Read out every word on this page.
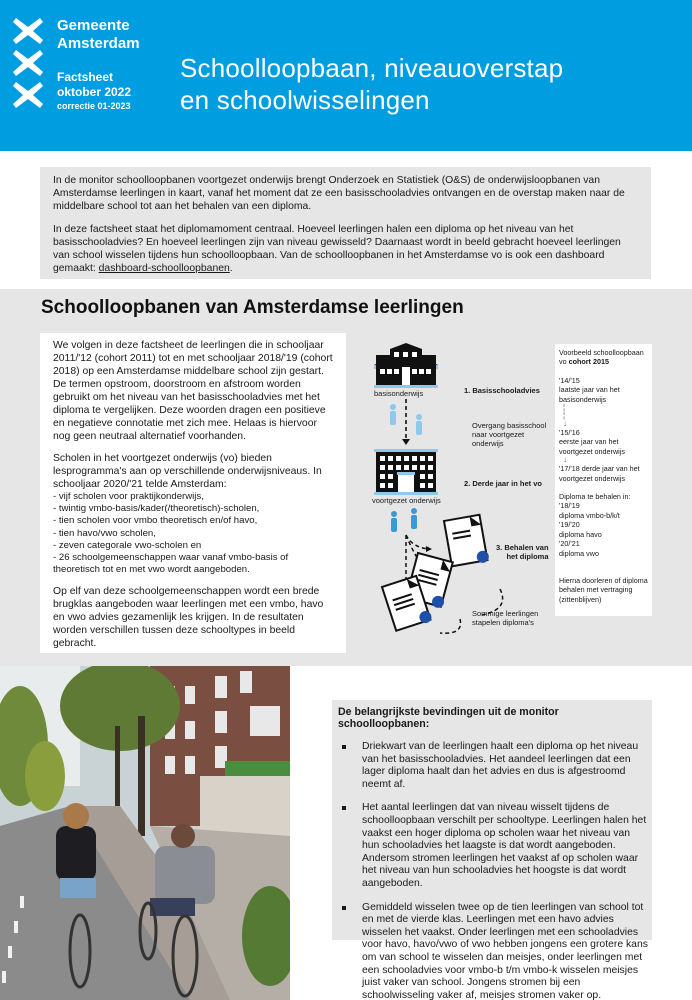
Gemeente
Amsterdam
Factsheet
oktober 2022
correctie 01-2023
Schoolloopbaan, niveauoverstap
en schoolwisselingen

In de monitor schoolloopbanen voortgezet onderwijs brengt Onderzoek en Statistiek (O&S) de onderwijsloopbanen van Amsterdamse leerlingen in kaart, vanaf het moment dat ze een basisschooladvies ontvangen en de overstap maken naar de middelbare school tot aan het behalen van een diploma.

In deze factsheet staat het diplomamoment centraal. Hoeveel leerlingen halen een diploma op het niveau van het basisschooladvies? En hoeveel leerlingen zijn van niveau gewisseld? Daarnaast wordt in beeld gebracht hoeveel leerlingen van school wisselen tijdens hun schoolloopbaan. Van de schoolloopbanen in het Amsterdamse vo is ook een dashboard gemaakt: dashboard-schoolloopbanen.

Schoolloopbanen van Amsterdamse leerlingen

We volgen in deze factsheet de leerlingen die in schooljaar 2011/'12 (cohort 2011) tot en met schooljaar 2018/'19 (cohort 2018) op een Amsterdamse middelbare school zijn gestart. De termen opstroom, doorstroom en afstroom worden gebruikt om het niveau van het basisschooladvies met het diploma te vergelijken. Deze woorden dragen een positieve en negatieve connotatie met zich mee. Helaas is hiervoor nog geen neutraal alternatief voorhanden.

Scholen in het voortgezet onderwijs (vo) bieden lesprogramma's aan op verschillende onderwijsniveaus. In schooljaar 2020/'21 telde Amsterdam:
- vijf scholen voor praktijkonderwijs,
- twintig vmbo-basis/kader(/theoretisch)-scholen,
- tien scholen voor vmbo theoretisch en/of havo,
- tien havo/vwo scholen,
- zeven categorale vwo-scholen en
- 26 schoolgemeenschappen waar vanaf vmbo-basis of theoretisch tot en met vwo wordt aangeboden.

Op elf van deze schoolgemeenschappen wordt een brede brugklas aangeboden waar leerlingen met een vmbo, havo en vwo advies gezamenlijk les krijgen. In de resultaten worden verschillen tussen deze schooltypes in beeld gebracht.

basisonderwijs	1. Basisschooladvies
Overgang basisschool naar voortgezet onderwijs
voortgezet onderwijs
2. Derde jaar in het vo
3. Behalen van
het diploma
Sommige leerlingen
stapelen diploma's
Voorbeeld schoolloopbaan
vo cohort 2015
'14/'15
laatste jaar van het basisonderwijs
¦
¦
↓
'15/'16
eerste jaar van het voortgezet onderwijs
↓
'17/'18 derde jaar van het voortgezet onderwijs
Diploma te behalen in:
'18/'19
diploma vmbo-b/k/t
'19/'20
diploma havo
'20/'21
diploma vwo
Hierna doorleren of diploma behalen met vertraging (zittenblijven)
De belangrijkste bevindingen uit de monitor schoolloopbanen:
Driekwart van de leerlingen haalt een diploma op het niveau van het basisschooladvies. Het aandeel leerlingen dat een lager diploma haalt dan het advies en dus is afgestroomd neemt af.
Het aantal leerlingen dat van niveau wisselt tijdens de schoolloopbaan verschilt per schooltype. Leerlingen halen het vaakst een hoger diploma op scholen waar het niveau van hun schooladvies het laagste is dat wordt aangeboden. Andersom stromen leerlingen het vaakst af op scholen waar het niveau van hun schooladvies het hoogste is dat wordt aangeboden.
Gemiddeld wisselen twee op de tien leerlingen van school tot en met de vierde klas. Leerlingen met een havo advies wisselen het vaakst. Onder leerlingen met een schooladvies voor havo, havo/vwo of vwo hebben jongens een grotere kans om van school te wisselen dan meisjes, onder leerlingen met een schooladvies voor vmbo-b t/m vmbo-k wisselen meisjes juist vaker van school. Jongens stromen bij een schoolwisseling vaker af, meisjes stromen vaker op.
